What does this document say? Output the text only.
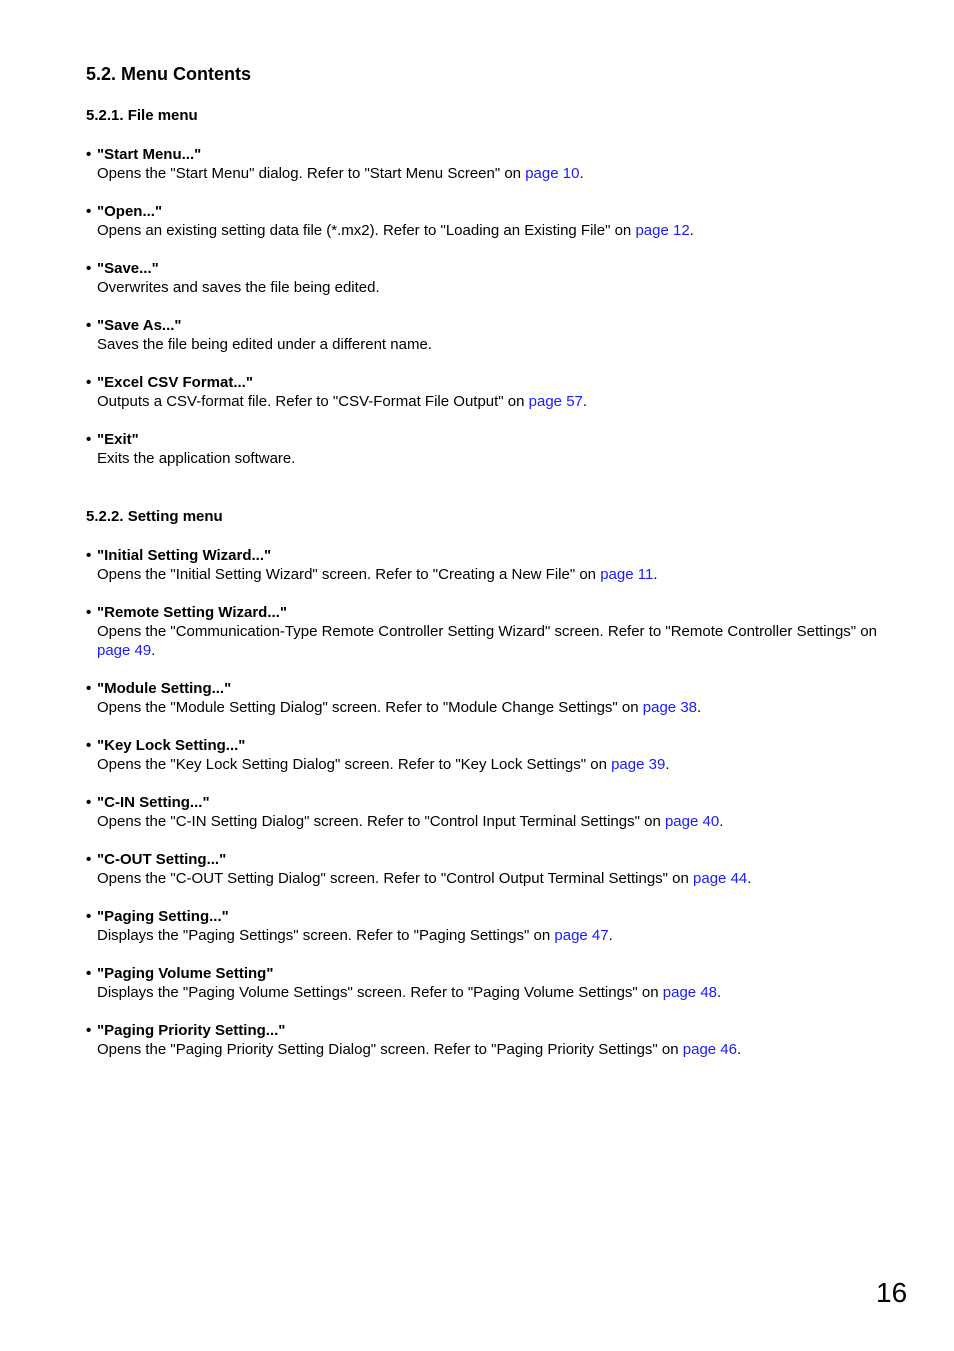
5.2. Menu Contents
5.2.1. File menu
• "Start Menu..."
Opens the "Start Menu" dialog. Refer to "Start Menu Screen" on page 10.
• "Open..."
Opens an existing setting data file (*.mx2). Refer to "Loading an Existing File" on page 12.
• "Save..."
Overwrites and saves the file being edited.
• "Save As..."
Saves the file being edited under a different name.
• "Excel CSV Format..."
Outputs a CSV-format file. Refer to "CSV-Format File Output" on page 57.
• "Exit"
Exits the application software.
5.2.2. Setting menu
• "Initial Setting Wizard..."
Opens the "Initial Setting Wizard" screen. Refer to "Creating a New File" on page 11.
• "Remote Setting Wizard..."
Opens the "Communication-Type Remote Controller Setting Wizard" screen. Refer to "Remote Controller Settings" on page 49.
• "Module Setting..."
Opens the "Module Setting Dialog" screen. Refer to "Module Change Settings" on page 38.
• "Key Lock Setting..."
Opens the "Key Lock Setting Dialog" screen. Refer to "Key Lock Settings" on page 39.
• "C-IN Setting..."
Opens the "C-IN Setting Dialog" screen. Refer to "Control Input Terminal Settings" on page 40.
• "C-OUT Setting..."
Opens the "C-OUT Setting Dialog" screen. Refer to "Control Output Terminal Settings" on page 44.
• "Paging Setting..."
Displays the "Paging Settings" screen. Refer to "Paging Settings" on page 47.
• "Paging Volume Setting"
Displays the "Paging Volume Settings" screen. Refer to "Paging Volume Settings" on page 48.
• "Paging Priority Setting..."
Opens the "Paging Priority Setting Dialog" screen. Refer to "Paging Priority Settings" on page 46.
16
